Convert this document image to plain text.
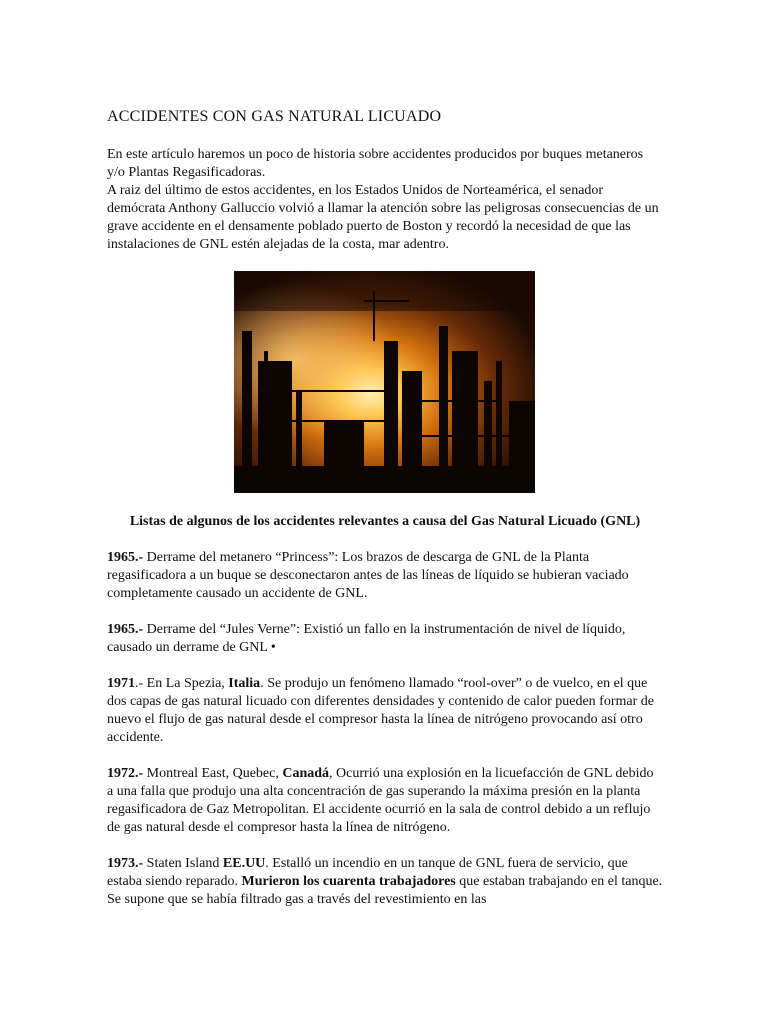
ACCIDENTES CON GAS NATURAL LICUADO

En este artículo haremos un poco de historia sobre accidentes producidos por buques metaneros y/o Plantas Regasificadoras.

A raiz del último de estos accidentes, en los Estados Unidos de Norteamérica, el senador demócrata Anthony Galluccio volvió a llamar la atención sobre las peligrosas consecuencias de un grave accidente en el densamente poblado puerto de Boston y recordó la necesidad de que las instalaciones de GNL estén alejadas de la costa, mar adentro.

Listas de algunos de los accidentes relevantes a causa del Gas Natural Licuado (GNL)

1965.- Derrame del metanero “Princess”: Los brazos de descarga de GNL de la Planta regasificadora a un buque se desconectaron antes de las líneas de líquido se hubieran vaciado completamente causado un accidente de GNL.

1965.- Derrame del “Jules Verne”: Existió un fallo en la instrumentación de nivel de líquido, causado un derrame de GNL •

1971.- En La Spezia, Italia. Se produjo un fenómeno llamado “rool-over” o de vuelco, en el que dos capas de gas natural licuado con diferentes densidades y contenido de calor pueden formar de nuevo el flujo de gas natural desde el compresor hasta la línea de nitrógeno provocando así otro accidente.

1972.- Montreal East, Quebec, Canadá, Ocurrió una explosión en la licuefacción de GNL debido a una falla que produjo una alta concentración de gas superando la máxima presión en la planta regasificadora de Gaz Metropolitan. El accidente ocurrió en la sala de control debido a un reflujo de gas natural desde el compresor hasta la línea de nitrógeno.

1973.- Staten Island EE.UU. Estalló un incendio en un tanque de GNL fuera de servicio, que estaba siendo reparado. Murieron los cuarenta trabajadores que estaban trabajando en el tanque. Se supone que se había filtrado gas a través del revestimiento en las
